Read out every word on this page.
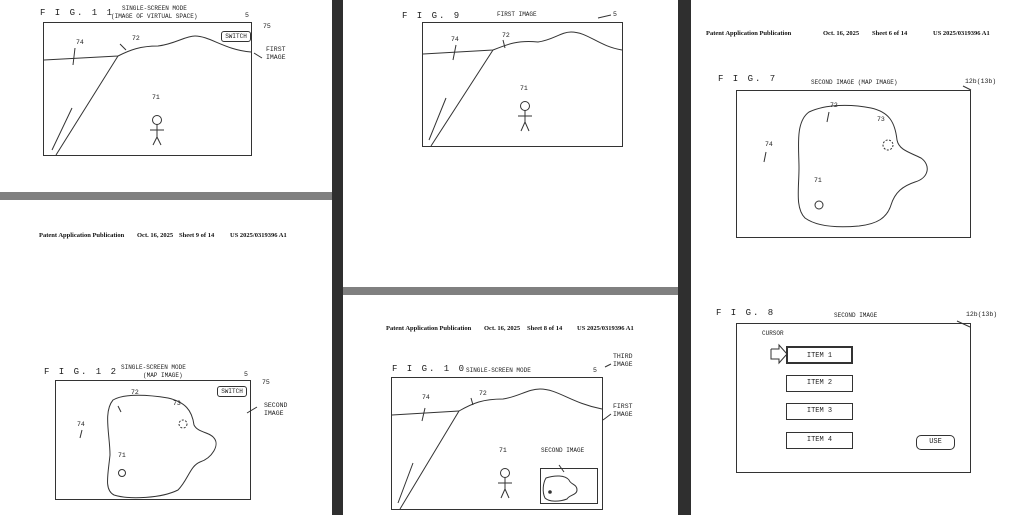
F I G. 1 1 SINGLE-SCREEN MODE
(IMAGE OF VIRTUAL SPACE)	5
75
FIRST
IMAGE
SWITCH
74
72
71
Patent Application Publication Oct. 16, 2025 Sheet 9 of 14 US 2025/0319396 A1
F I G. 1 2 SINGLE-SCREEN MODE
(MAP IMAGE)	5
75
SECOND
IMAGE
SWITCH
72
73
74
71
F I G. 9	FIRST IMAGE	5
74
72
71
Patent Application Publication Oct. 16, 2025 Sheet 8 of 14 US 2025/0319396 A1
F I G. 1 0 SINGLE-SCREEN MODE	5
THIRD
IMAGE
FIRST
IMAGE
74
72
71	SECOND IMAGE
Patent Application Publication	Oct. 16, 2025 Sheet 6 of 14	US 2025/0319396 A1
F I G. 7	SECOND IMAGE (MAP IMAGE)	12b(13b)
72
73
74
71
F I G. 8	SECOND IMAGE	12b(13b)
CURSOR
ITEM 1
ITEM 2
ITEM 3
ITEM 4	USE
